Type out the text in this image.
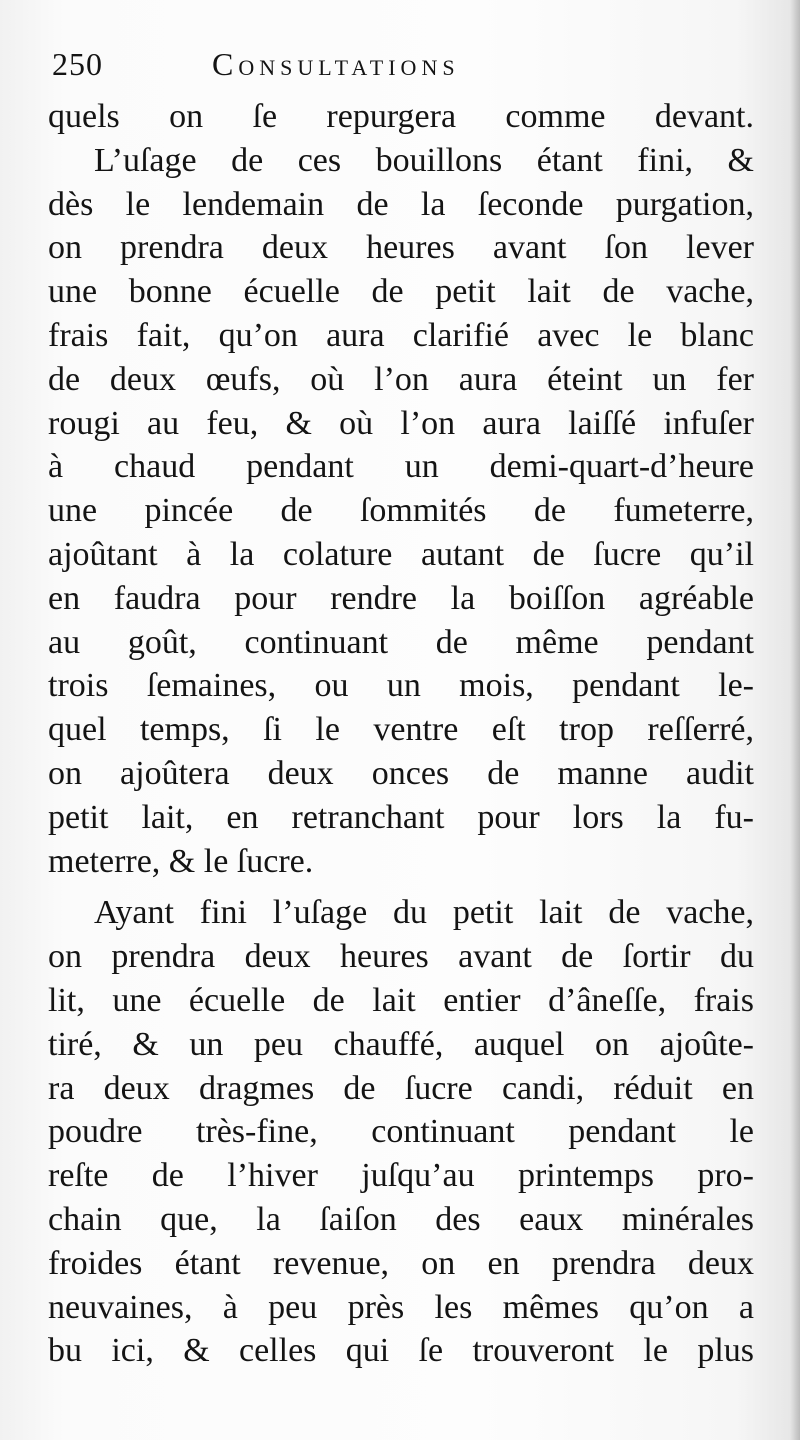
250	Consultations
quels on ſe repurgera comme devant.
L’uſage de ces bouillons étant fini, &
dès le lendemain de la ſeconde purgation,
on prendra deux heures avant ſon lever
une bonne écuelle de petit lait de vache,
frais fait, qu’on aura clarifié avec le blanc
de deux œufs, où l’on aura éteint un fer
rougi au feu, & où l’on aura laiſſé infuſer
à chaud pendant un demi-quart-d’heure
une pincée de ſommités de fumeterre,
ajoûtant à la colature autant de ſucre qu’il
en faudra pour rendre la boiſſon agréable
au goût, continuant de même pendant
trois ſemaines, ou un mois, pendant le-
quel temps, ſi le ventre eſt trop reſſerré,
on ajoûtera deux onces de manne audit
petit lait, en retranchant pour lors la fu-
meterre, & le ſucre.
Ayant fini l’uſage du petit lait de vache,
on prendra deux heures avant de ſortir du
lit, une écuelle de lait entier d’âneſſe, frais
tiré, & un peu chauffé, auquel on ajoûte-
ra deux dragmes de ſucre candi, réduit en
poudre très-fine, continuant pendant le
reſte de l’hiver juſqu’au printemps pro-
chain que, la ſaiſon des eaux minérales
froides étant revenue, on en prendra deux
neuvaines, à peu près les mêmes qu’on a
bu ici, & celles qui ſe trouveront le plus
